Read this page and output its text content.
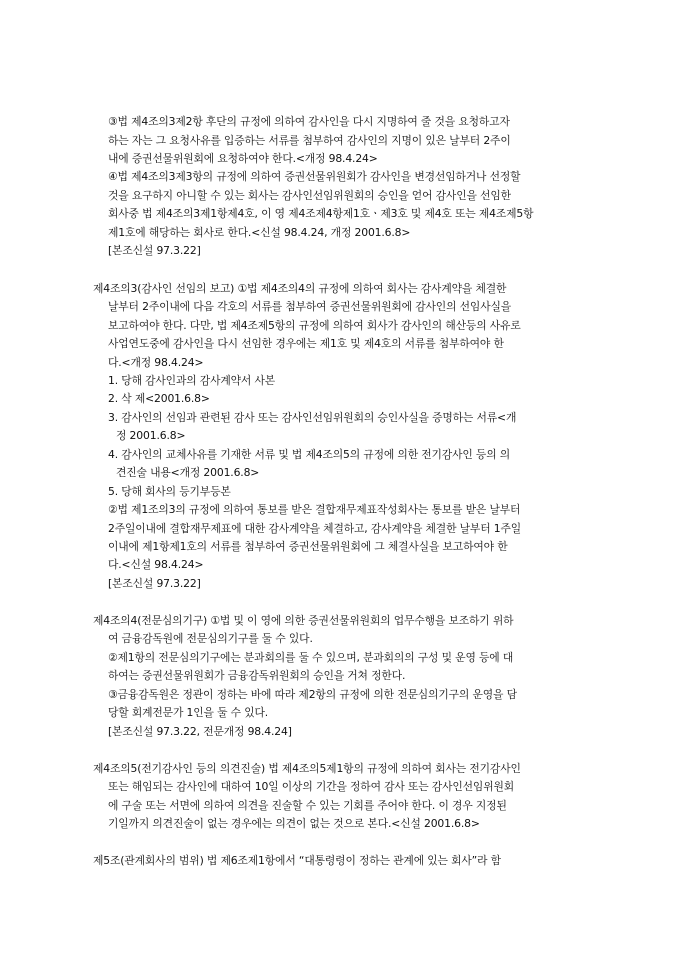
③법 제4조의3제2항 후단의 규정에 의하여 감사인을 다시 지명하여 줄 것을 요청하고자

하는 자는 그 요청사유를 입증하는 서류를 첨부하여 감사인의 지명이 있은 날부터 2주이

내에 증권선물위원회에 요청하여야 한다.<개정 98.4.24>

④법 제4조의3제3항의 규정에 의하여 증권선물위원회가 감사인을 변경선임하거나 선정할

것을 요구하지 아니할 수 있는 회사는 감사인선임위원회의 승인을 얻어 감사인을 선임한

회사중 법 제4조의3제1항제4호, 이 영 제4조제4항제1호ㆍ제3호 및 제4호 또는 제4조제5항

제1호에 해당하는 회사로 한다.<신설 98.4.24, 개정 2001.6.8>

[본조신설 97.3.22]

제4조의3(감사인 선임의 보고) ①법 제4조의4의 규정에 의하여 회사는 감사계약을 체결한

날부터 2주이내에 다음 각호의 서류를 첨부하여 증권선물위원회에 감사인의 선임사실을

보고하여야 한다. 다만, 법 제4조제5항의 규정에 의하여 회사가 감사인의 해산등의 사유로

사업연도중에 감사인을 다시 선임한 경우에는 제1호 및 제4호의 서류를 첨부하여야 한

다.<개정 98.4.24>

1. 당해 감사인과의 감사계약서 사본

2. 삭 제<2001.6.8>

3. 감사인의 선임과 관련된 감사 또는 감사인선임위원회의 승인사실을 증명하는 서류<개

정 2001.6.8>

4. 감사인의 교체사유를 기재한 서류 및 법 제4조의5의 규정에 의한 전기감사인 등의 의

견진술 내용<개정 2001.6.8>

5. 당해 회사의 등기부등본

②법 제1조의3의 규정에 의하여 통보를 받은 결합재무제표작성회사는 통보를 받은 날부터

2주일이내에 결합재무제표에 대한 감사계약을 체결하고, 감사계약을 체결한 날부터 1주일

이내에 제1항제1호의 서류를 첨부하여 증권선물위원회에 그 체결사실을 보고하여야 한

다.<신설 98.4.24>

[본조신설 97.3.22]

제4조의4(전문심의기구) ①법 및 이 영에 의한 증권선물위원회의 업무수행을 보조하기 위하

여 금융감독원에 전문심의기구를 둘 수 있다.

②제1항의 전문심의기구에는 분과회의를 둘 수 있으며, 분과회의의 구성 및 운영 등에 대

하여는 증권선물위원회가 금융감독위원회의 승인을 거쳐 정한다.

③금융감독원은 정관이 정하는 바에 따라 제2항의 규정에 의한 전문심의기구의 운영을 담

당할 회계전문가 1인을 둘 수 있다.

[본조신설 97.3.22, 전문개정 98.4.24]

제4조의5(전기감사인 등의 의견진술) 법 제4조의5제1항의 규정에 의하여 회사는 전기감사인

또는 해임되는 감사인에 대하여 10일 이상의 기간을 정하여 감사 또는 감사인선임위원회

에 구술 또는 서면에 의하여 의견을 진술할 수 있는 기회를 주어야 한다. 이 경우 지정된

기일까지 의견진술이 없는 경우에는 의견이 없는 것으로 본다.<신설 2001.6.8>

제5조(관계회사의 범위) 법 제6조제1항에서 “대통령령이 정하는 관계에 있는 회사”라 함
